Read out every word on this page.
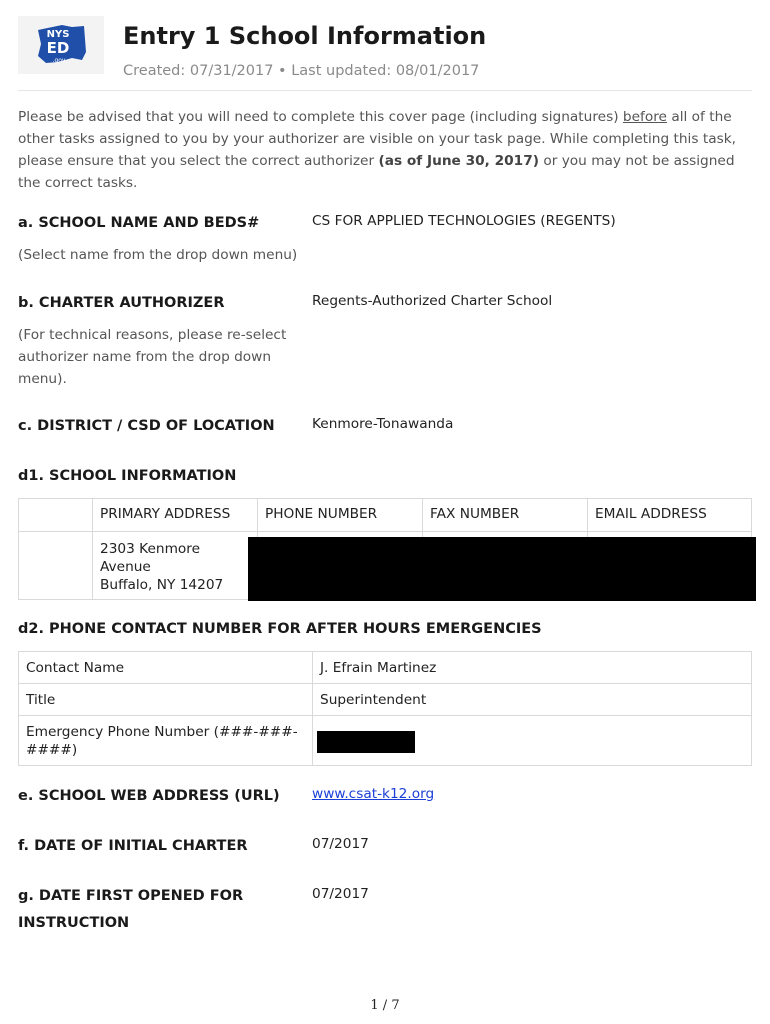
NYS
ED
.gov
Entry 1 School Information
Created: 07/31/2017 • Last updated: 08/01/2017
Please be advised that you will need to complete this cover page (including signatures) before all of the other tasks assigned to you by your authorizer are visible on your task page. While completing this task, please ensure that you select the correct authorizer (as of June 30, 2017) or you may not be assigned the correct tasks.
a. SCHOOL NAME AND BEDS#
(Select name from the drop down menu)
CS FOR APPLIED TECHNOLOGIES (REGENTS)
b. CHARTER AUTHORIZER
(For technical reasons, please re-select authorizer name from the drop down menu).
Regents-Authorized Charter School
c. DISTRICT / CSD OF LOCATION	Kenmore-Tonawanda
d1. SCHOOL INFORMATION
	PRIMARY ADDRESS	PHONE NUMBER	FAX NUMBER	EMAIL ADDRESS

	2303 Kenmore
Avenue
Buffalo, NY 14207			

d2. PHONE CONTACT NUMBER FOR AFTER HOURS EMERGENCIES
Contact Name	J. Efrain Martinez
Title	Superintendent
Emergency Phone Number (###-###-####)	
e. SCHOOL WEB ADDRESS (URL) www.csat-k12.org
f. DATE OF INITIAL CHARTER	07/2017
g. DATE FIRST OPENED FOR
INSTRUCTION
07/2017
1 / 7
